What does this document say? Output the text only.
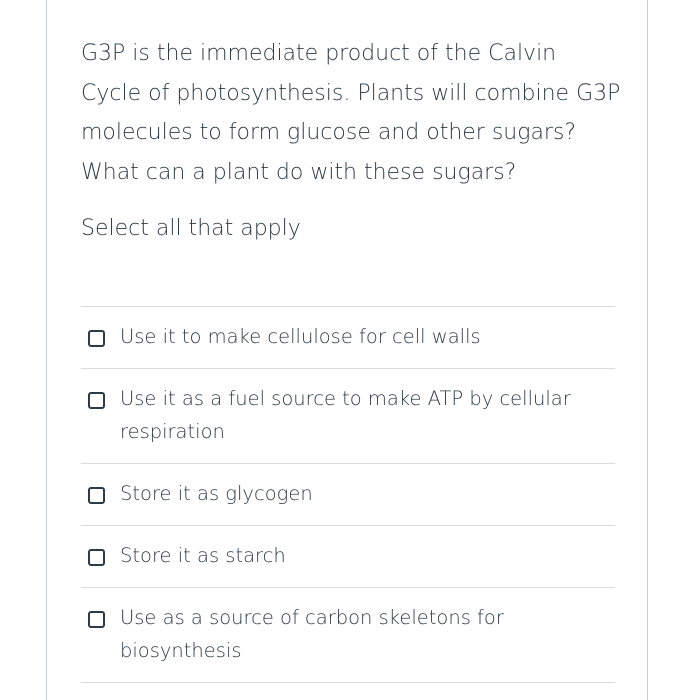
G3P is the immediate product of the Calvin Cycle of photosynthesis. Plants will combine G3P molecules to form glucose and other sugars? What can a plant do with these sugars?

Select all that apply

Use it to make cellulose for cell walls
Use it as a fuel source to make ATP by cellular respiration
Store it as glycogen
Store it as starch
Use as a source of carbon skeletons for biosynthesis
